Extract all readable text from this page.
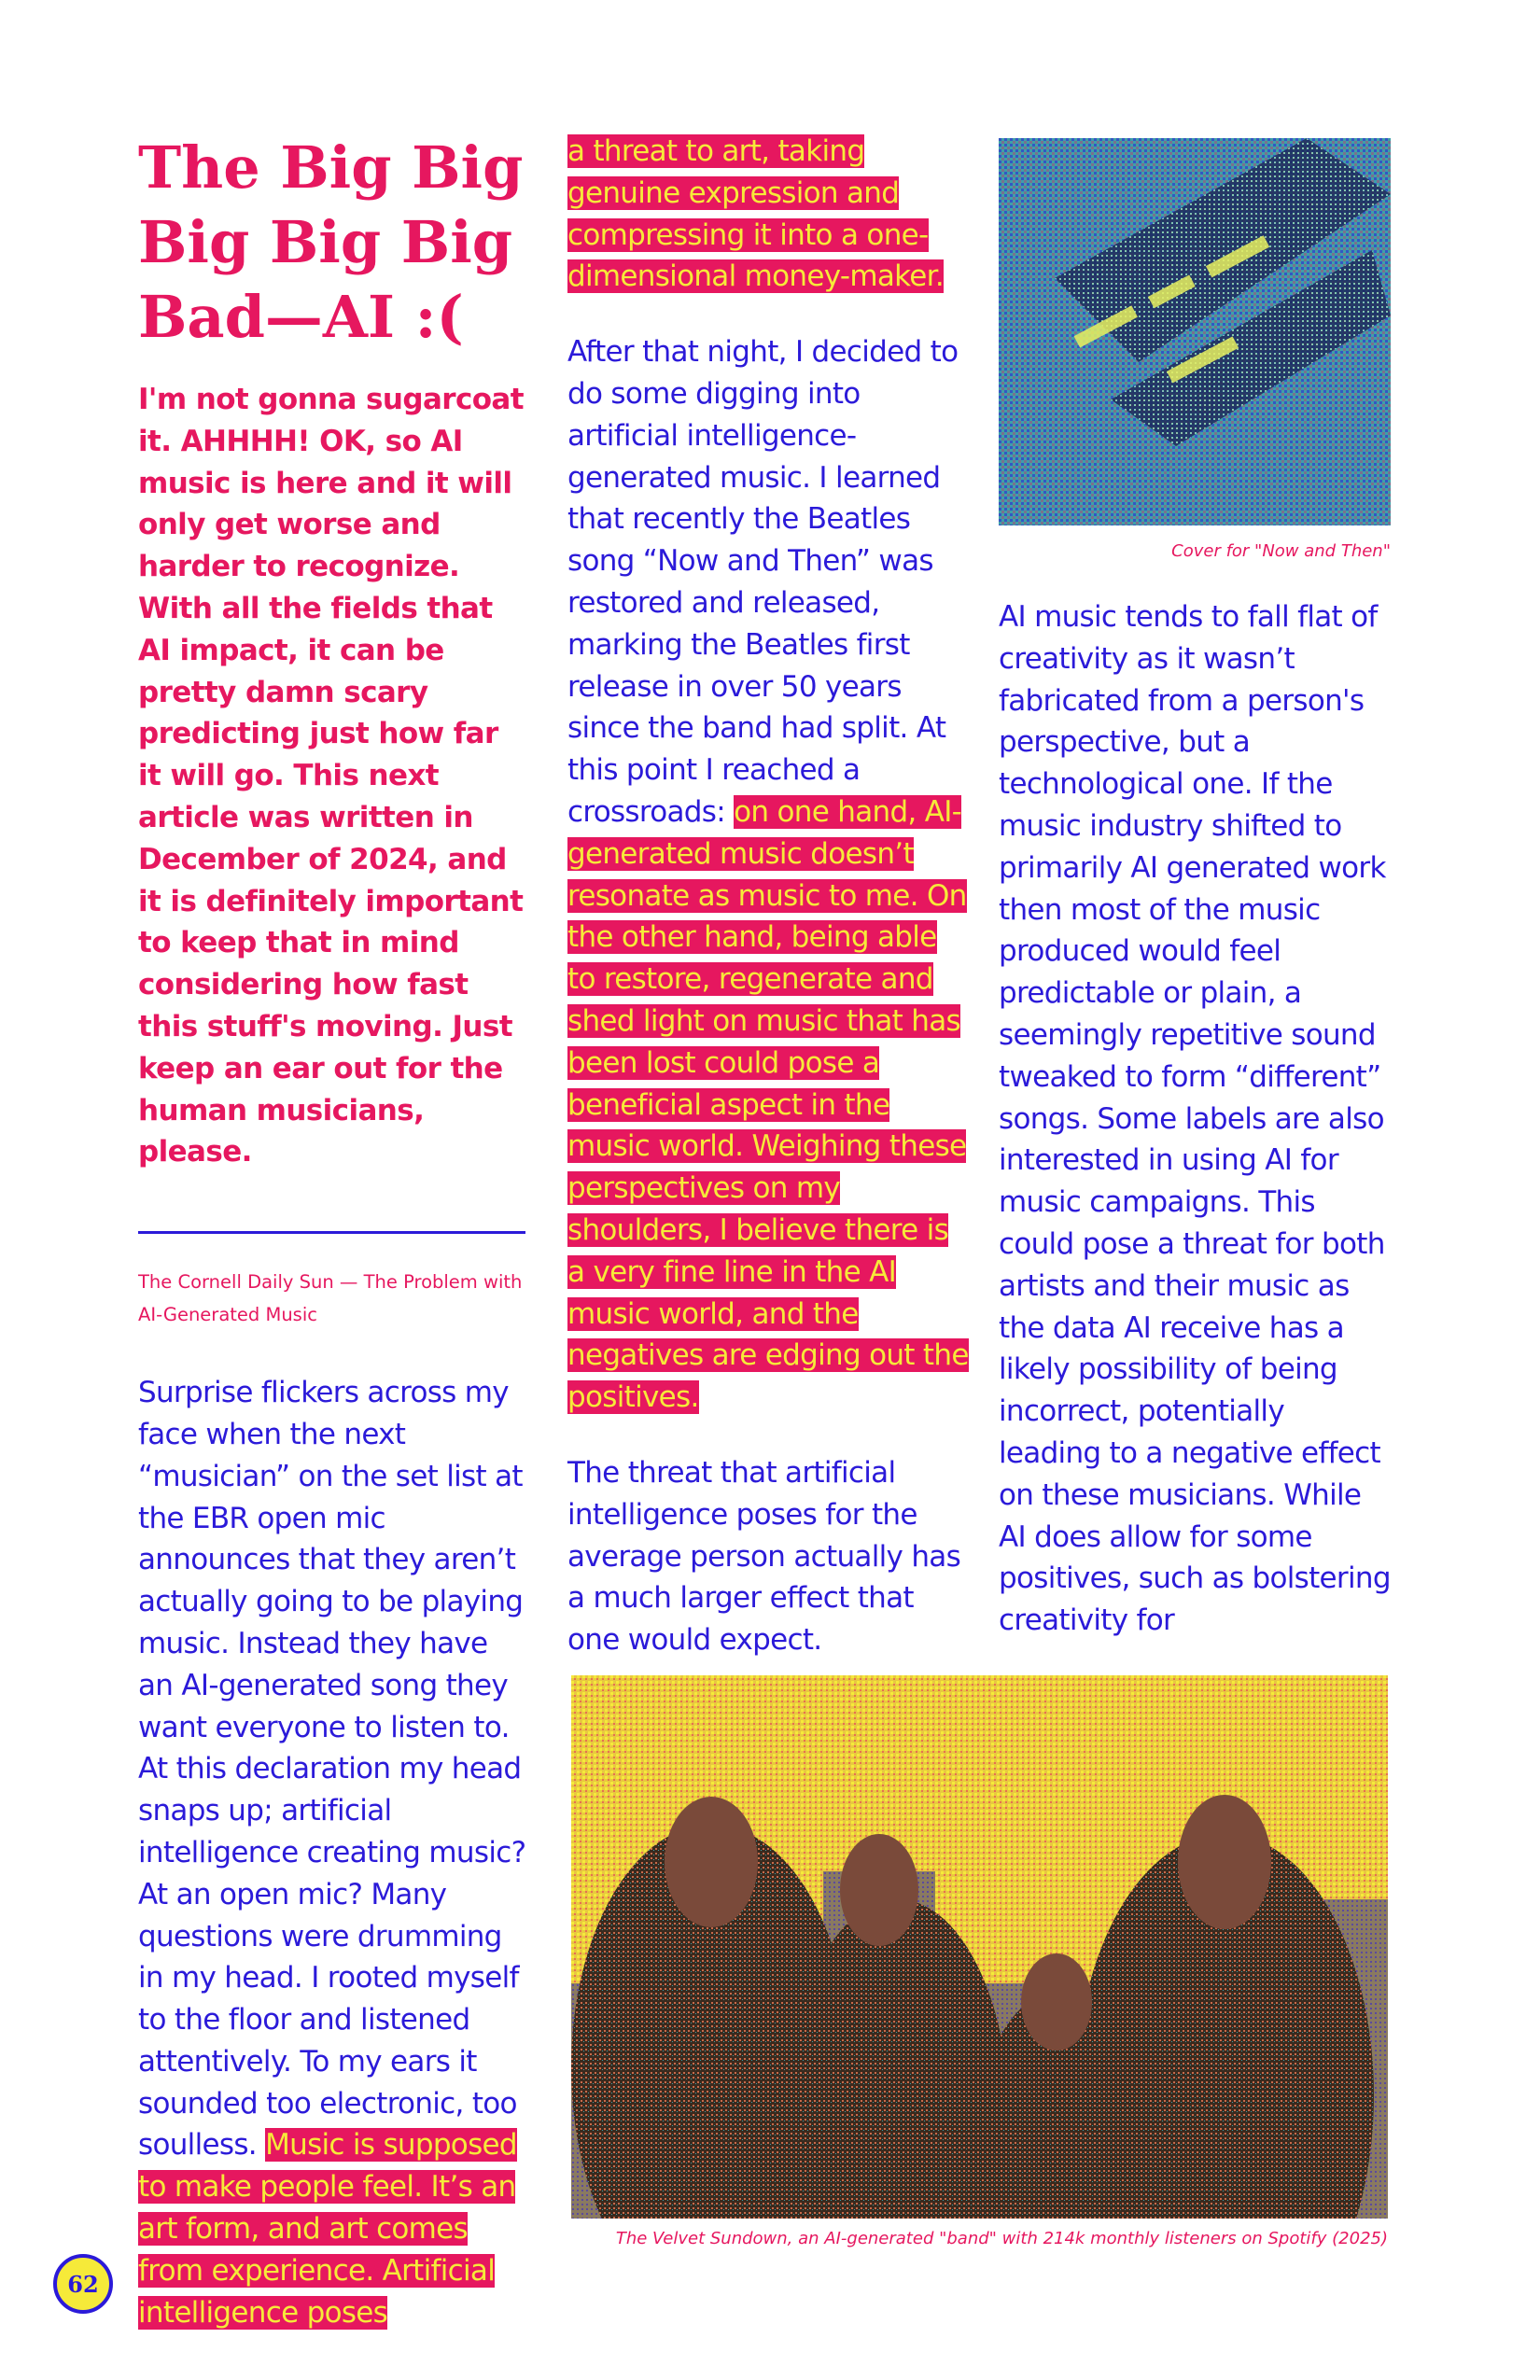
The Big Big Big Big Big Bad—AI :(

I'm not gonna sugarcoat it. AHHHH! OK, so AI music is here and it will only get worse and harder to recognize. With all the fields that AI impact, it can be pretty damn scary predicting just how far it will go. This next article was written in December of 2024, and it is definitely important to keep that in mind considering how fast this stuff's moving. Just keep an ear out for the human musicians, please.

The Cornell Daily Sun — The Problem with AI-Generated Music

Surprise flickers across my face when the next “musician” on the set list at the EBR open mic announces that they aren’t actually going to be playing music. Instead they have an AI-generated song they want everyone to listen to. At this declaration my head snaps up; artificial intelligence creating music? At an open mic? Many questions were drumming in my head. I rooted myself to the floor and listened attentively. To my ears it sounded too electronic, too soulless. Music is supposed to make people feel. It’s an art form, and art comes from experience. Artificial intelligence poses

a threat to art, taking genuine expression and compressing it into a one-dimensional money-maker.

After that night, I decided to do some digging into artificial intelligence-generated music. I learned that recently the Beatles song “Now and Then” was restored and released, marking the Beatles first release in over 50 years since the band had split. At this point I reached a crossroads: on one hand, AI-generated music doesn’t resonate as music to me. On the other hand, being able to restore, regenerate and shed light on music that has been lost could pose a beneficial aspect in the music world. Weighing these perspectives on my shoulders, I believe there is a very fine line in the AI music world, and the negatives are edging out the positives.

The threat that artificial intelligence poses for the average person actually has a much larger effect that one would expect.

Cover for "Now and Then"

AI music tends to fall flat of creativity as it wasn’t fabricated from a person's perspective, but a technological one. If the music industry shifted to primarily AI generated work then most of the music produced would feel predictable or plain, a seemingly repetitive sound tweaked to form “different” songs. Some labels are also interested in using AI for music campaigns. This could pose a threat for both artists and their music as the data AI receive has a likely possibility of being incorrect, potentially leading to a negative effect on these musicians. While AI does allow for some positives, such as bolstering creativity for

The Velvet Sundown, an AI-generated "band" with 214k monthly listeners on Spotify (2025)
62
